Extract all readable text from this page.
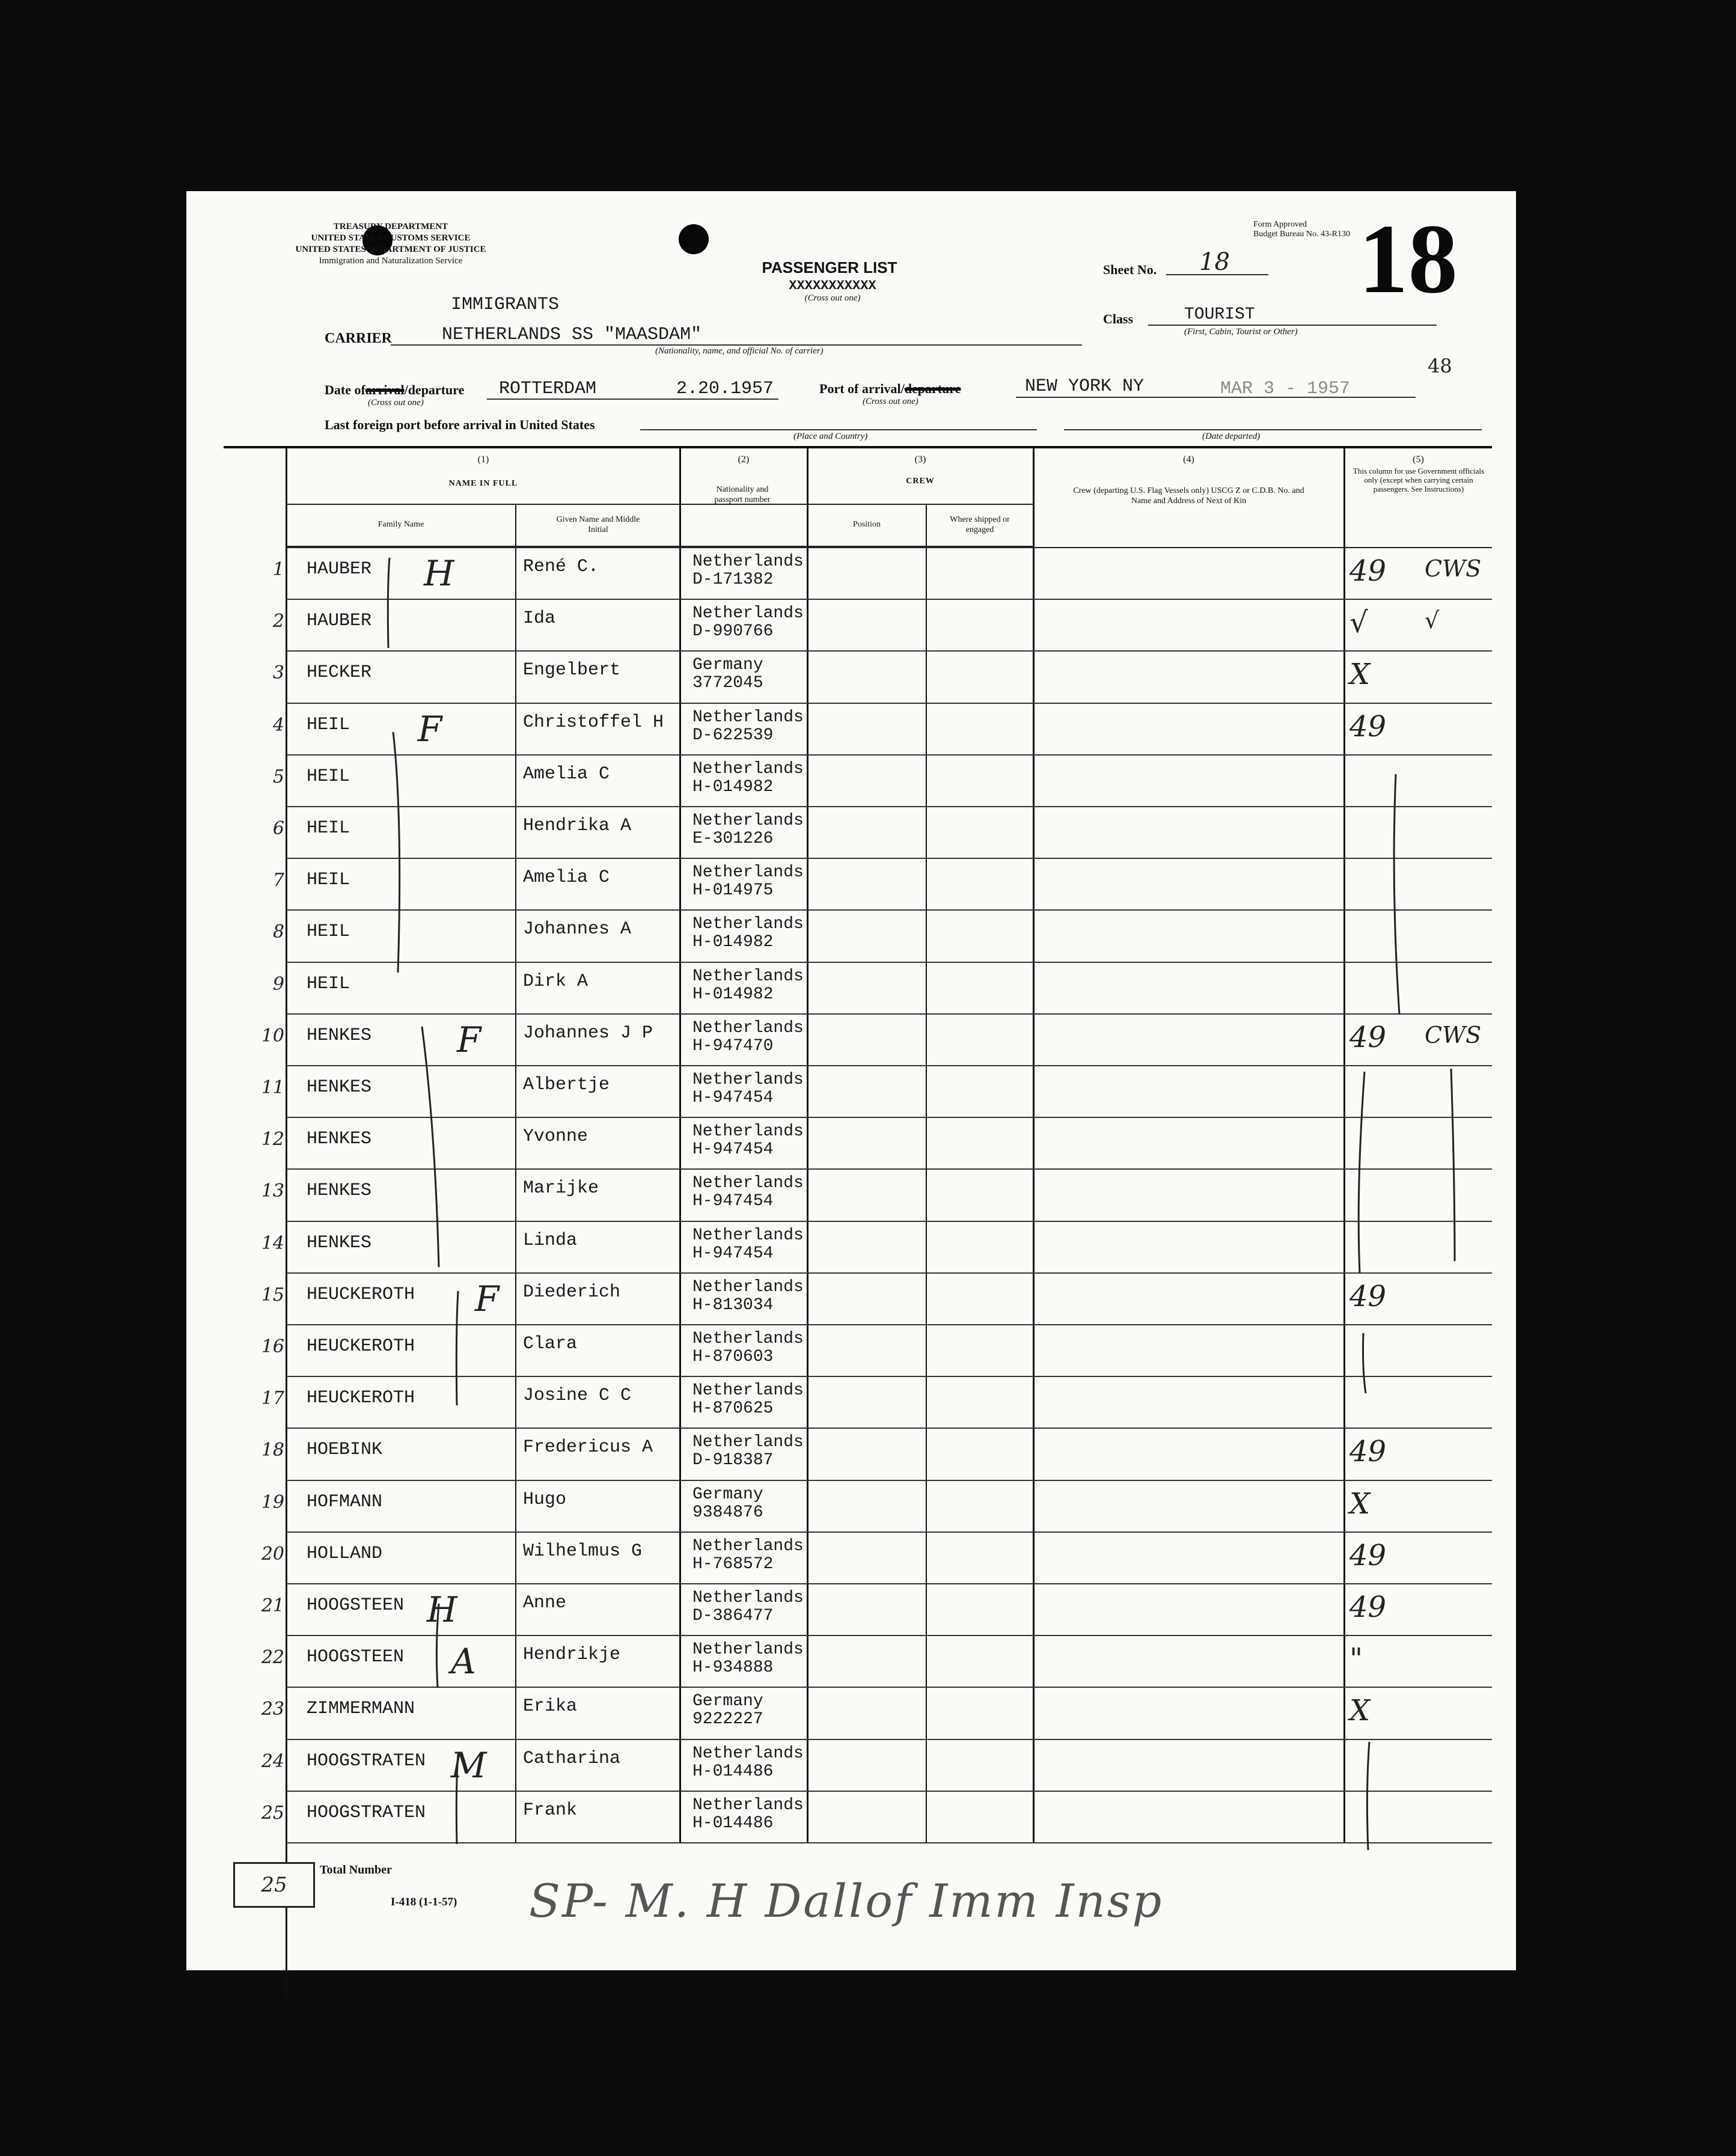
TREASURY DEPARTMENT
UNITED STATES CUSTOMS SERVICE
UNITED STATES DEPARTMENT OF JUSTICE
Immigration and Naturalization Service	PASSENGER LIST
XXXXXXXXXXX
(Cross out one)
Form Approved
Budget Bureau No. 43-R130
Sheet No. 18 18
IMMIGRANTS
CARRIER	NETHERLANDS SS "MAASDAM"
(Nationality, name, and official No. of carrier)
Class	TOURIST
(First, Cabin, Tourist or Other)
48
Date ofarrival/departure
(Cross out one)
ROTTERDAM	2.20.1957	Port of arrival/departure
(Cross out one)
NEW YORK NY	MAR 3 - 1957
Last foreign port before arrival in United States
(Place and Country)	(Date departed)
(1)
NAME IN FULL
Family Name
Given Name and Middle Initial
(2)
Nationality and passport number
(3)
CREW
Position
Where shipped or engaged
(4)
Crew (departing U.S. Flag Vessels only) USCG Z or C.D.B. No. and Name and Address of Next of Kin
(5)
This column for use Government officials only (except when carrying certain passengers. See Instructions)
1 HAUBER	René C.	Netherlands
D-171382	49 CWS
2 HAUBER	Ida	Netherlands
D-990766	√ √
3 HECKER	Engelbert	Germany
3772045	X
4 HEIL	Christoffel H Netherlands
D-622539	49
5 HEIL	Amelia C	Netherlands
H-014982
6 HEIL	Hendrika A	Netherlands
E-301226
7 HEIL	Amelia C	Netherlands
H-014975
8 HEIL	Johannes A	Netherlands
H-014982
9 HEIL	Dirk A	Netherlands
H-014982
10 HENKES	Johannes J P Netherlands
H-947470	49 CWS
11 HENKES	Albertje	Netherlands
H-947454
12 HENKES	Yvonne	Netherlands
H-947454
13 HENKES	Marijke	Netherlands
H-947454
14 HENKES	Linda	Netherlands
H-947454
15 HEUCKEROTH	Diederich	Netherlands
H-813034	49
16 HEUCKEROTH	Clara	Netherlands
H-870603
17 HEUCKEROTH	Josine C C	Netherlands
H-870625
18 HOEBINK	Fredericus A Netherlands
D-918387	49
19 HOFMANN	Hugo	Germany
9384876	X
20 HOLLAND	Wilhelmus G	Netherlands
H-768572	49
21 HOOGSTEEN	Anne	Netherlands
D-386477	49
22 HOOGSTEEN	Hendrikje	Netherlands
H-934888	"
23 ZIMMERMANN	Erika	Germany
9222227	X
24 HOOGSTRATEN	Catharina	Netherlands
H-014486
25 HOOGSTRATEN	Frank	Netherlands
H-014486
H
F
F
F
H
A
M
25
Total Number
I-418 (1-1-57) SP- M. H Dallof Imm Insp
